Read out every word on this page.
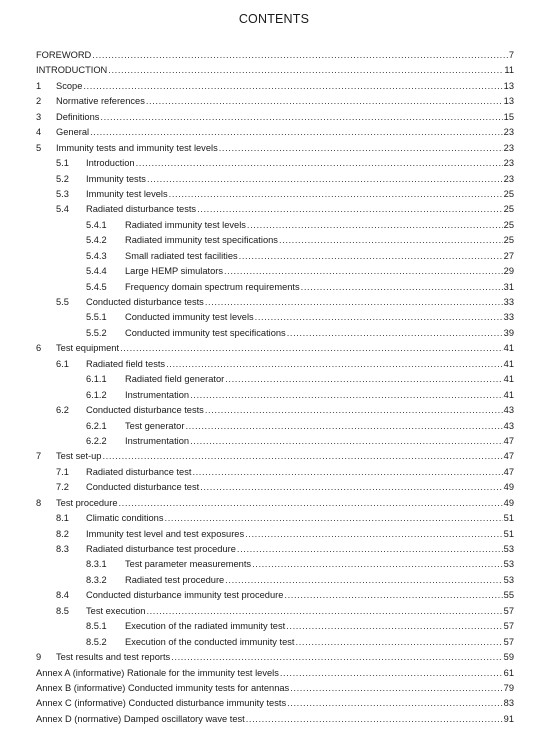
CONTENTS
FOREWORD .....	7
INTRODUCTION .....	11
1	Scope .....	13
2	Normative references .....	13
3	Definitions .....	15
4	General .....	23
5	Immunity tests and immunity test levels .....	23
5.1	Introduction .....	23
5.2	Immunity tests .....	23
5.3	Immunity test levels .....	25
5.4	Radiated disturbance tests .....	25
5.4.1	Radiated immunity test levels .....	25
5.4.2	Radiated immunity test specifications .....	25
5.4.3	Small radiated test facilities .....	27
5.4.4	Large HEMP simulators .....	29
5.4.5	Frequency domain spectrum requirements .....	31
5.5	Conducted disturbance tests .....	33
5.5.1	Conducted immunity test levels .....	33
5.5.2	Conducted immunity test specifications .....	39
6	Test equipment .....	41
6.1	Radiated field tests .....	41
6.1.1	Radiated field generator .....	41
6.1.2	Instrumentation .....	41
6.2	Conducted disturbance tests .....	43
6.2.1	Test generator .....	43
6.2.2	Instrumentation .....	47
7	Test set-up .....	47
7.1	Radiated disturbance test .....	47
7.2	Conducted disturbance test .....	49
8	Test procedure .....	49
8.1	Climatic conditions .....	51
8.2	Immunity test level and test exposures .....	51
8.3	Radiated disturbance test procedure .....	53
8.3.1	Test parameter measurements .....	53
8.3.2	Radiated test procedure .....	53
8.4	Conducted disturbance immunity test procedure .....	55
8.5	Test execution .....	57
8.5.1	Execution of the radiated immunity test .....	57
8.5.2	Execution of the conducted immunity test .....	57
9	Test results and test reports .....	59
Annex A (informative) Rationale for the immunity test levels .....	61
Annex B (informative) Conducted immunity tests for antennas .....	79
Annex C (informative) Conducted disturbance immunity tests .....	83
Annex D (normative) Damped oscillatory wave test .....	91
